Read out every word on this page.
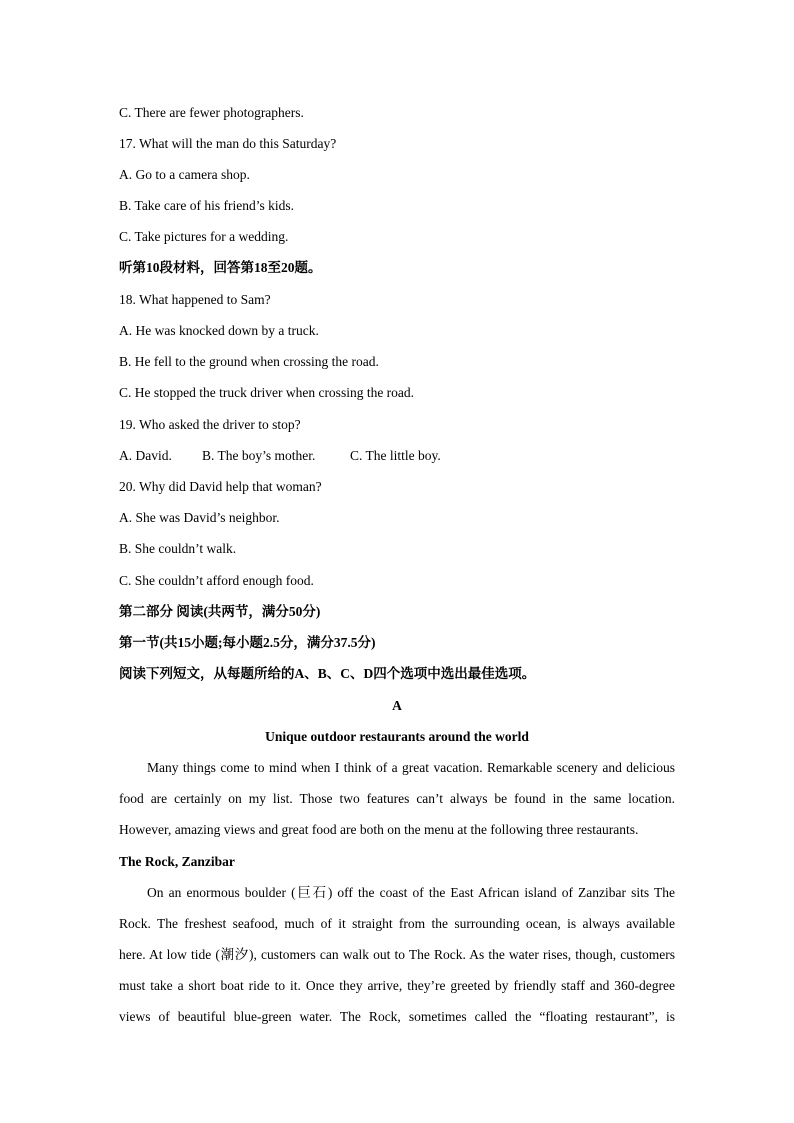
C. There are fewer photographers.
17. What will the man do this Saturday?
A. Go to a camera shop.
B. Take care of his friend’s kids.
C. Take pictures for a wedding.
听第10段材料，回答第18至20题。
18. What happened to Sam?
A. He was knocked down by a truck.
B. He fell to the ground when crossing the road.
C. He stopped the truck driver when crossing the road.
19. Who asked the driver to stop?
A. David. B. The boy’s mother.	C. The little boy.
20. Why did David help that woman?
A. She was David’s neighbor.
B. She couldn’t walk.
C. She couldn’t afford enough food.
第二部分 阅读(共两节，满分50分)
第一节(共15小题;每小题2.5分，满分37.5分)
阅读下列短文，从每题所给的A、B、C、D四个选项中选出最佳选项。
A
Unique outdoor restaurants around the world
Many things come to mind when I think of a great vacation. Remarkable scenery and delicious
food are certainly on my list. Those two features can’t always be found in the same location.
However, amazing views and great food are both on the menu at the following three restaurants.
The Rock, Zanzibar
On an enormous boulder (巨石) off the coast of the East African island of Zanzibar sits The
Rock. The freshest seafood, much of it straight from the surrounding ocean, is always available
here. At low tide (潮汐), customers can walk out to The Rock. As the water rises, though, customers
must take a short boat ride to it. Once they arrive, they’re greeted by friendly staff and 360-degree
views of beautiful blue-green water. The Rock, sometimes called the “floating restaurant”, is
